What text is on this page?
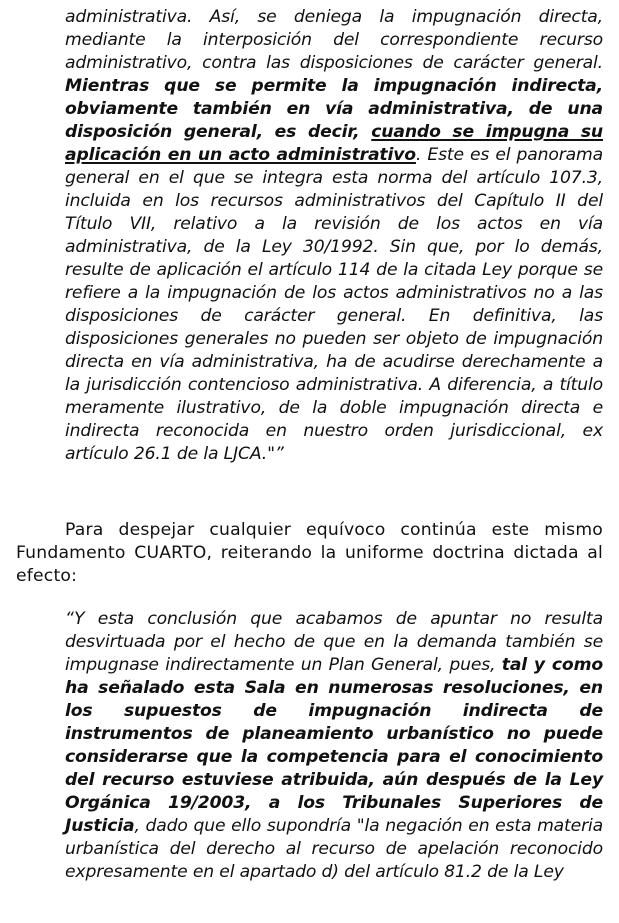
administrativa. Así, se deniega la impugnación directa, mediante la interposición del correspondiente recurso administrativo, contra las disposiciones de carácter general. Mientras que se permite la impugnación indirecta, obviamente también en vía administrativa, de una disposición general, es decir, cuando se impugna su aplicación en un acto administrativo. Este es el panorama general en el que se integra esta norma del artículo 107.3, incluida en los recursos administrativos del Capítulo II del Título VII, relativo a la revisión de los actos en vía administrativa, de la Ley 30/1992. Sin que, por lo demás, resulte de aplicación el artículo 114 de la citada Ley porque se refiere a la impugnación de los actos administrativos no a las disposiciones de carácter general. En definitiva, las disposiciones generales no pueden ser objeto de impugnación directa en vía administrativa, ha de acudirse derechamente a la jurisdicción contencioso administrativa. A diferencia, a título meramente ilustrativo, de la doble impugnación directa e indirecta reconocida en nuestro orden jurisdiccional, ex artículo 26.1 de la LJCA."”
Para despejar cualquier equívoco continúa este mismo Fundamento CUARTO, reiterando la uniforme doctrina dictada al efecto:
“Y esta conclusión que acabamos de apuntar no resulta desvirtuada por el hecho de que en la demanda también se impugnase indirectamente un Plan General, pues, tal y como ha señalado esta Sala en numerosas resoluciones, en los supuestos de impugnación indirecta de instrumentos de planeamiento urbanístico no puede considerarse que la competencia para el conocimiento del recurso estuviese atribuida, aún después de la Ley Orgánica 19/2003, a los Tribunales Superiores de Justicia, dado que ello supondría "la negación en esta materia urbanística del derecho al recurso de apelación reconocido expresamente en el apartado d) del artículo 81.2 de la Ley
